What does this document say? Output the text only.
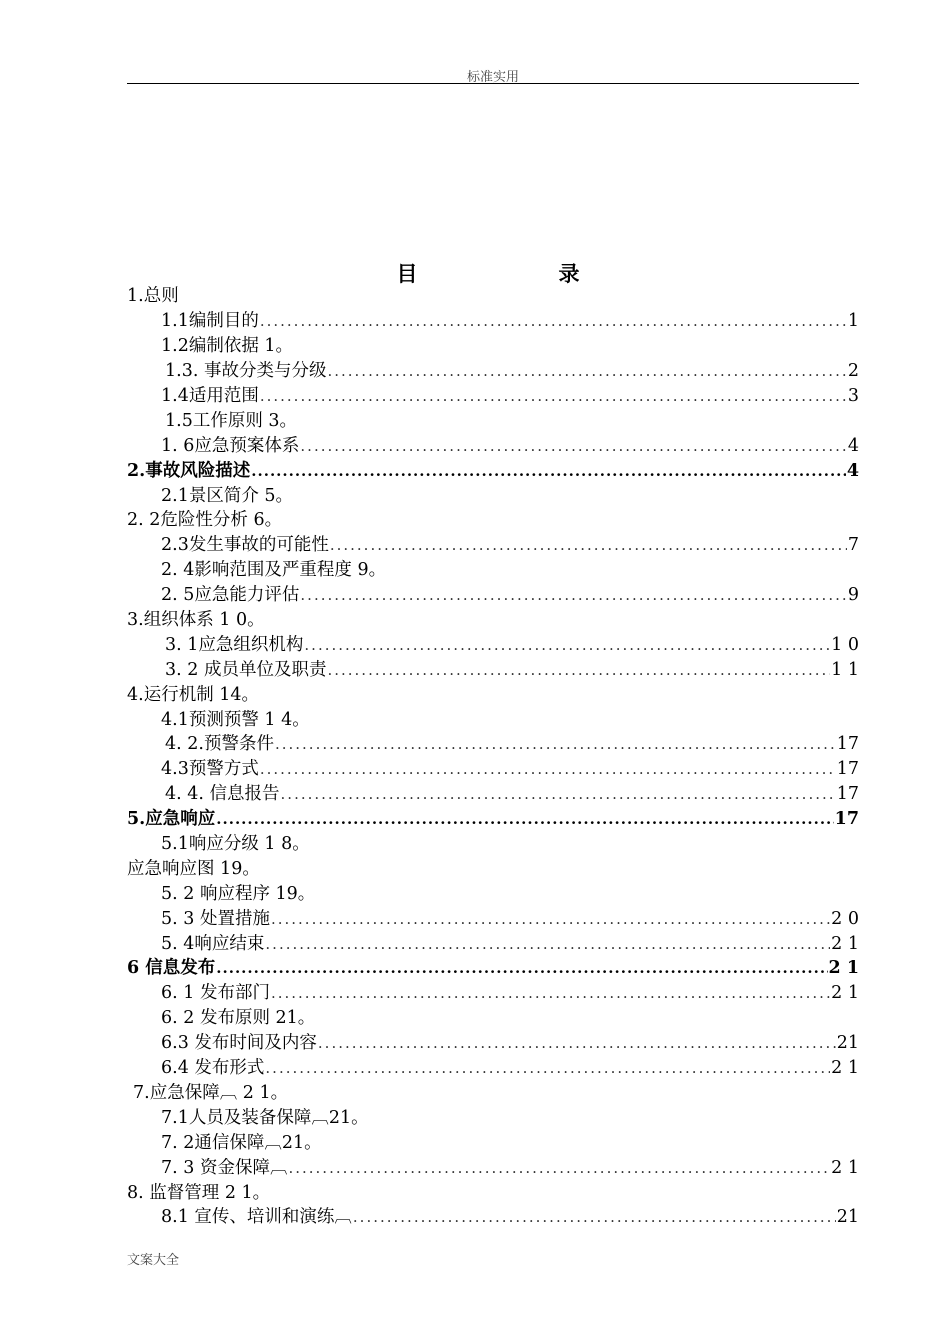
标准实用
目　录
1.总则
1.1编制目的 .....	1
1.2编制依据 1。
1.3. 事故分类与分级 .....	2
1.4适用范围 .....	3
1.5工作原则 3。
1. 6应急预案体系 .....	4
2.事故风险描述 .....	4
2.1景区简介 5。
2. 2危险性分析 6。
2.3发生事故的可能性 .....	7
2. 4影响范围及严重程度 9。
2. 5应急能力评估 .....	9
3.组织体系 1 0。
3. 1应急组织机构 .....	1 0
3. 2 成员单位及职责 .....	1 1
4.运行机制 14。
4.1预测预警 1 4。
4. 2.预警条件 .....	17
4.3预警方式 .....	17
4. 4. 信息报告 .....	17
5.应急响应 .....	17
5.1响应分级 1 8。
应急响应图 19。
5. 2 响应程序 19。
5. 3 处置措施 .....	2 0
5. 4响应结束 .....	2 1
6 信息发布 .....	2 1
6. 1 发布部门 .....	2 1
6. 2 发布原则 21。
6.3 发布时间及内容 .....	21
6.4 发布形式 .....	2 1
7.应急保障︹ 2 1。
7.1人员及装备保障︹21。
7. 2通信保障︹21。
7. 3 资金保障︹ .....	2 1
8. 监督管理 2 1。
8.1 宣传、培训和演练︹ .....	21
文案大全
